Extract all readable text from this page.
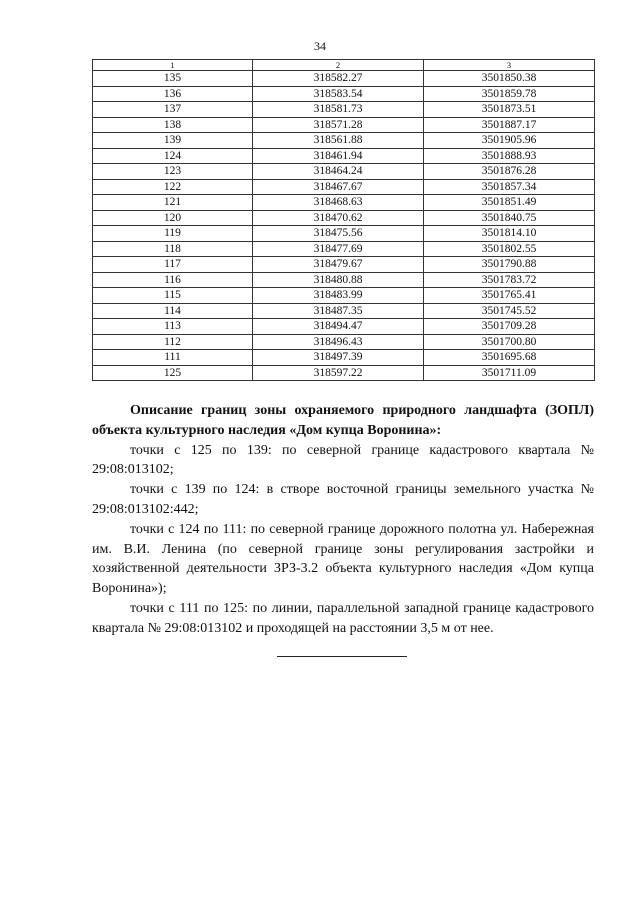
34
1	2	3
135	318582.27	3501850.38
136	318583.54	3501859.78
137	318581.73	3501873.51
138	318571.28	3501887.17
139	318561.88	3501905.96
124	318461.94	3501888.93
123	318464.24	3501876.28
122	318467.67	3501857.34
121	318468.63	3501851.49
120	318470.62	3501840.75
119	318475.56	3501814.10
118	318477.69	3501802.55
117	318479.67	3501790.88
116	318480.88	3501783.72
115	318483.99	3501765.41
114	318487.35	3501745.52
113	318494.47	3501709.28
112	318496.43	3501700.80
111	318497.39	3501695.68
125	318597.22	3501711.09

Описание границ зоны охраняемого природного ландшафта (ЗОПЛ) объекта культурного наследия «Дом купца Воронина»:

точки с 125 по 139: по северной границе кадастрового квартала № 29:08:013102;

точки с 139 по 124: в створе восточной границы земельного участка № 29:08:013102:442;

точки с 124 по 111: по северной границе дорожного полотна ул. Набережная им. В.И. Ленина (по северной границе зоны регулирования застройки и хозяйственной деятельности ЗРЗ-3.2 объекта культурного наследия «Дом купца Воронина»);

точки с 111 по 125: по линии, параллельной западной границе кадастрового квартала № 29:08:013102 и проходящей на расстоянии 3,5 м от нее.
